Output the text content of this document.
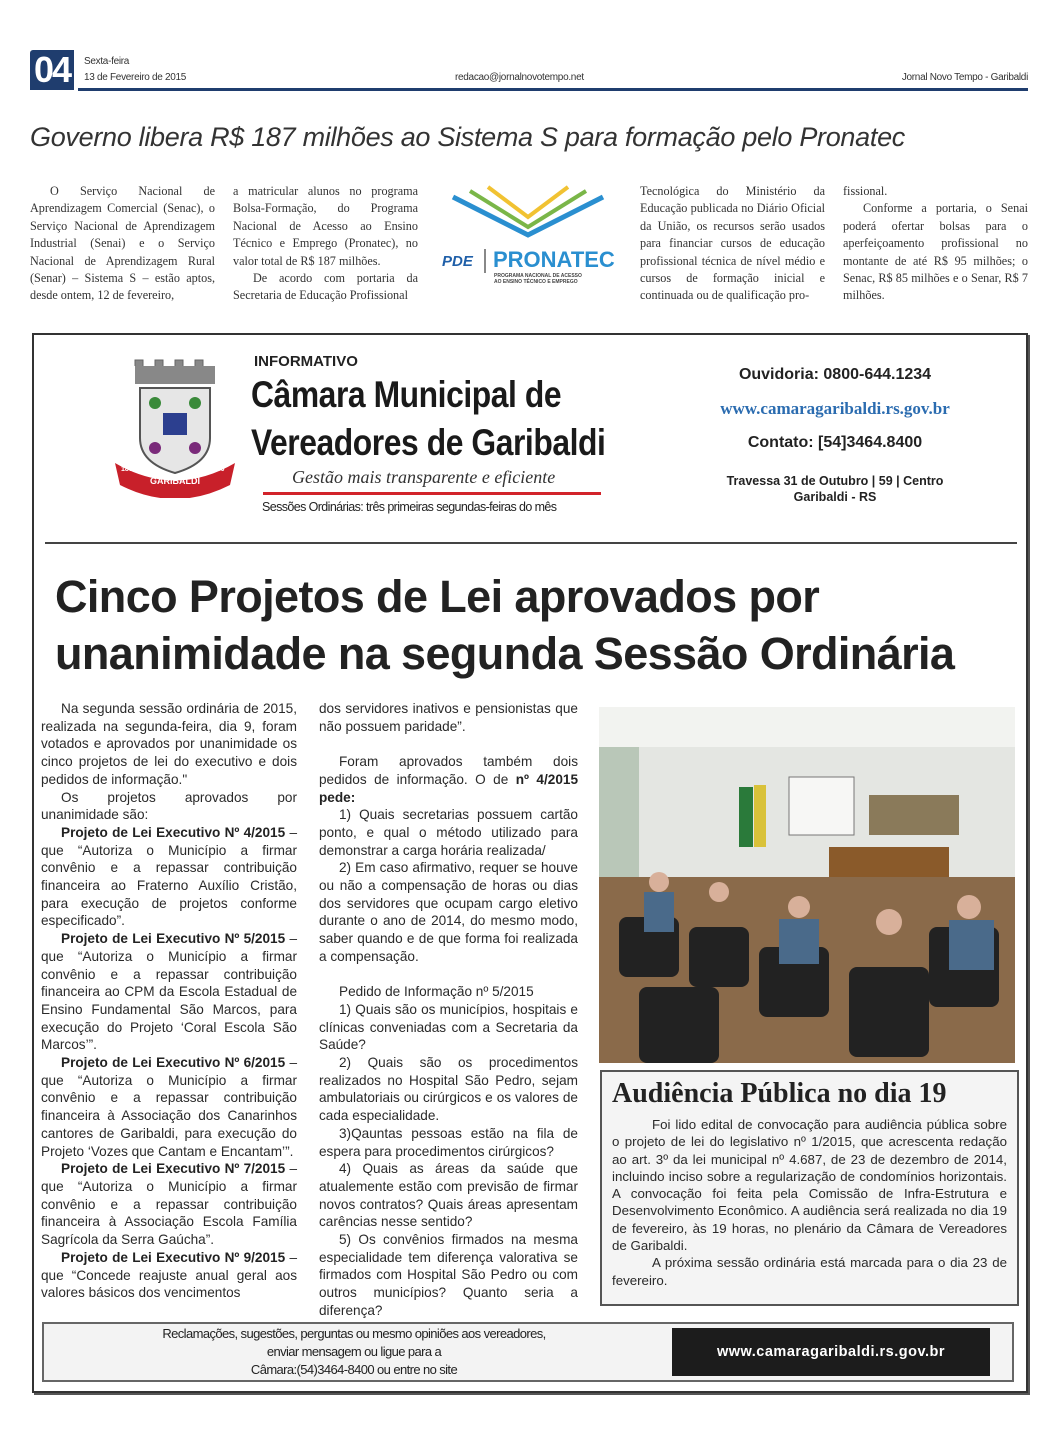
04	Sexta-feira
13 de Fevereiro de 2015	redacao@jornalnovotempo.net	Jornal Novo Tempo - Garibaldi
Governo libera R$ 187 milhões ao Sistema S para formação pelo Pronatec

O Serviço Nacional de Aprendizagem Comercial (Senac), o Serviço Nacional de Aprendizagem Industrial (Senai) e o Serviço Nacional de Aprendizagem Rural (Senar) – Sistema S – estão aptos, desde ontem, 12 de fevereiro,

a matricular alunos no programa Bolsa-Formação, do Programa Nacional de Acesso ao Ensino Técnico e Emprego (Pronatec), no valor total de R$ 187 milhões.

De acordo com portaria da Secretaria de Educação Profissional

PDE PRONATEC
PROGRAMA NACIONAL DE ACESSO
AO ENSINO TÉCNICO E EMPREGO

Tecnológica do Ministério da Educação publicada no Diário Oficial da União, os recursos serão usados para financiar cursos de educação profissional técnica de nível médio e cursos de formação inicial e continuada ou de qualificação pro-

fissional.

Conforme a portaria, o Senai poderá ofertar bolsas para o aperfeiçoamento profissional no montante de até R$ 95 milhões; o Senac, R$ 85 milhões e o Senar, R$ 7 milhões.

GARIBALDI
1870	1900
INFORMATIVO
Câmara Municipal de
Vereadores de Garibaldi
Gestão mais transparente e eficiente
Sessões Ordinárias: três primeiras segundas-feiras do mês
Ouvidoria: 0800-644.1234
www.camaragaribaldi.rs.gov.br
Contato: [54]3464.8400
Travessa 31 de Outubro | 59 | Centro
Garibaldi - RS
Cinco Projetos de Lei aprovados por
unanimidade na segunda Sessão Ordinária

Na segunda sessão ordinária de 2015, realizada na segunda-feira, dia 9, foram votados e aprovados por unanimidade os cinco projetos de lei do executivo e dois pedidos de informação."

Os projetos aprovados por unanimidade são:

Projeto de Lei Executivo Nº 4/2015 – que “Autoriza o Município a firmar convênio e a repassar contribuição financeira ao Fraterno Auxílio Cristão, para execução de projetos conforme especificado”.

Projeto de Lei Executivo Nº 5/2015 – que “Autoriza o Município a firmar convênio e a repassar contribuição financeira ao CPM da Escola Estadual de Ensino Fundamental São Marcos, para execução do Projeto ‘Coral Escola São Marcos’”.

Projeto de Lei Executivo Nº 6/2015 – que “Autoriza o Município a firmar convênio e a repassar contribuição financeira à Associação dos Canarinhos cantores de Garibaldi, para execução do Projeto ‘Vozes que Cantam e Encantam’”.

Projeto de Lei Executivo Nº 7/2015 – que “Autoriza o Município a firmar convênio e a repassar contribuição financeira à Associação Escola Família Sagrícola da Serra Gaúcha”.

Projeto de Lei Executivo Nº 9/2015 – que “Concede reajuste anual geral aos valores básicos dos vencimentos

dos servidores inativos e pensionistas que não possuem paridade”.

Foram aprovados também dois pedidos de informação. O de nº 4/2015 pede:

1) Quais secretarias possuem cartão ponto, e qual o método utilizado para demonstrar a carga horária realizada/

2) Em caso afirmativo, requer se houve ou não a compensação de horas ou dias dos servidores que ocupam cargo eletivo durante o ano de 2014, do mesmo modo, saber quando e de que forma foi realizada a compensação.

Pedido de Informação nº 5/2015

1) Quais são os municípios, hospitais e clínicas conveniadas com a Secretaria da Saúde?

2) Quais são os procedimentos realizados no Hospital São Pedro, sejam ambulatoriais ou cirúrgicos e os valores de cada especialidade.

3)Qauntas pessoas estão na fila de espera para procedimentos cirúrgicos?

4) Quais as áreas da saúde que atualemente estão com previsão de firmar novos contratos? Quais áreas apresentam carências nesse sentido?

5) Os convênios firmados na mesma especialidade tem diferença valorativa se firmados com Hospital São Pedro ou com outros municípios? Quanto seria a diferença?

Audiência Pública no dia 19

Foi lido edital de convocação para audiência pública sobre o projeto de lei do legislativo nº 1/2015, que acrescenta redação ao art. 3º da lei municipal nº 4.687, de 23 de dezembro de 2014, incluindo inciso sobre a regularização de condomínios horizontais. A convocação foi feita pela Comissão de Infra-Estrutura e Desenvolvimento Econômico. A audiência será realizada no dia 19 de fevereiro, às 19 horas, no plenário da Câmara de Vereadores de Garibaldi.

A próxima sessão ordinária está marcada para o dia 23 de fevereiro.

Reclamações, sugestões, perguntas ou mesmo opiniões aos vereadores,
enviar mensagem ou ligue para a
Câmara:(54)3464-8400 ou entre no site
www.camaragaribaldi.rs.gov.br
